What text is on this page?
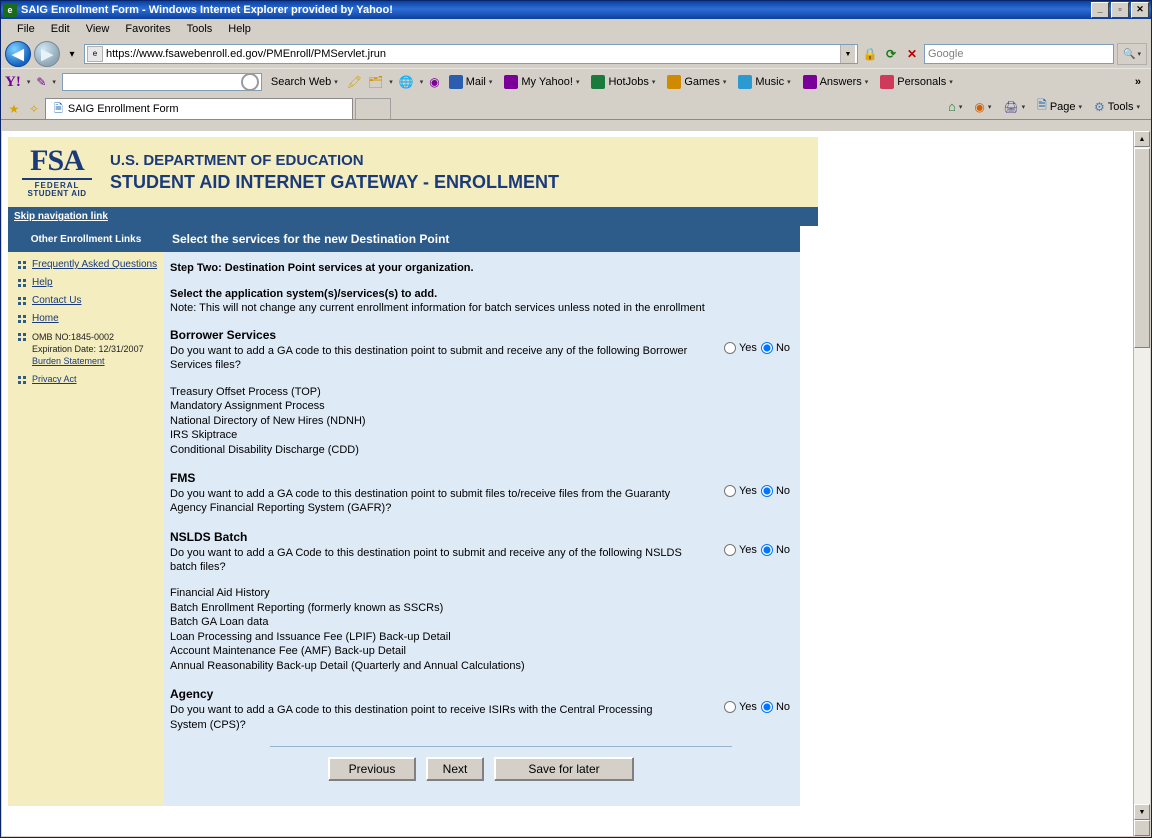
e SAIG Enrollment Form - Windows Internet Explorer provided by Yahoo!	_	▫	✕
File	Edit	View	Favorites	Tools	Help
◀	▶	▾	e https://www.fsawebenroll.ed.gov/PMEnroll/PMServlet.jrun	▼ 🔒 ⟳ ✕ Google	🔍 ▾
Y! ▾ ✎ ▾	Search Web ▾ 🖍 🗂 ▾ 🌐 ▾ ◉ Mail ▾	My Yahoo! ▾	HotJobs ▾	Games ▾	Music ▾	Answers ▾	Personals ▾	»
★ ✧	🗎 SAIG Enrollment Form	⌂ ▾ ◉ ▾ 🖨 ▾ 🗎 Page ▾ ⚙ Tools ▾
FSA
FEDERAL
STUDENT AID
U.S. DEPARTMENT OF EDUCATION
STUDENT AID INTERNET GATEWAY - ENROLLMENT
Skip navigation link
Other Enrollment Links
Frequently Asked Questions
Help
Contact Us
Home
OMB NO:1845-0002
Expiration Date: 12/31/2007
Burden Statement
Privacy Act
Select the services for the new Destination Point
Step Two: Destination Point services at your organization.
Select the application system(s)/services(s) to add.
Note: This will not change any current enrollment information for batch services unless noted in the enrollment
Borrower Services
Do you want to add a GA code to this destination point to submit and receive any of the following Borrower Services files?
Treasury Offset Process (TOP)
Mandatory Assignment Process
National Directory of New Hires (NDNH)
IRS Skiptrace
Conditional Disability Discharge (CDD)
Yes No
FMS
Do you want to add a GA code to this destination point to submit files to/receive files from the Guaranty Agency Financial Reporting System (GAFR)?
Yes No
NSLDS Batch
Do you want to add a GA Code to this destination point to submit and receive any of the following NSLDS batch files?
Financial Aid History
Batch Enrollment Reporting (formerly known as SSCRs)
Batch GA Loan data
Loan Processing and Issuance Fee (LPIF) Back-up Detail
Account Maintenance Fee (AMF) Back-up Detail
Annual Reasonability Back-up Detail (Quarterly and Annual Calculations)
Yes No
Agency
Do you want to add a GA code to this destination point to receive ISIRs with the Central Processing System (CPS)?
Yes No
Previous	Next	Save for later
▲
▼
